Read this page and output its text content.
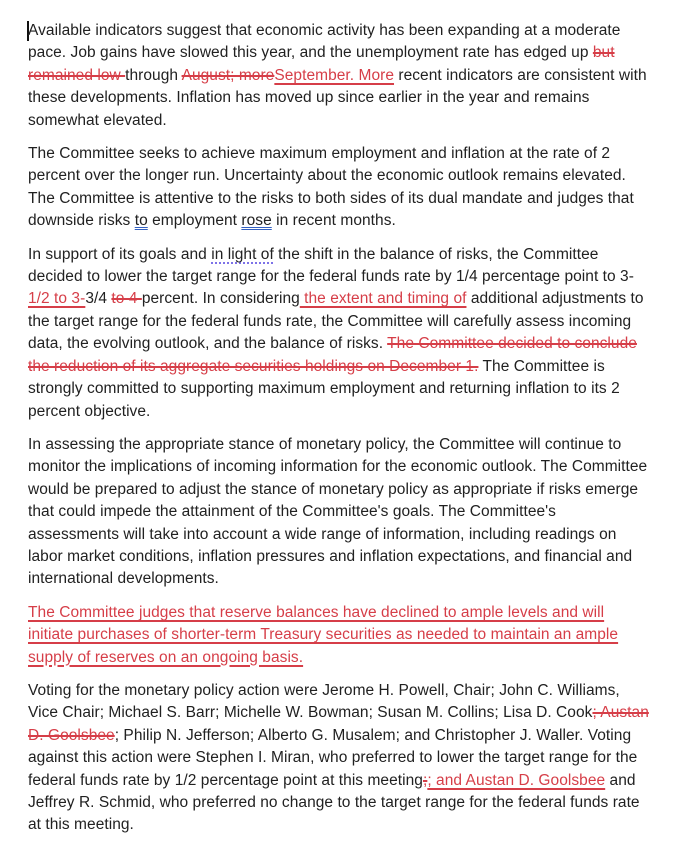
Available indicators suggest that economic activity has been expanding at a moderate pace. Job gains have slowed this year, and the unemployment rate has edged up but remained low through August; moreSeptember. More recent indicators are consistent with these developments. Inflation has moved up since earlier in the year and remains somewhat elevated.

The Committee seeks to achieve maximum employment and inflation at the rate of 2 percent over the longer run. Uncertainty about the economic outlook remains elevated. The Committee is attentive to the risks to both sides of its dual mandate and judges that downside risks to employment rose in recent months.

In support of its goals and in light of the shift in the balance of risks, the Committee decided to lower the target range for the federal funds rate by 1/4 percentage point to 3-1/2 to 3-3/4 to 4 percent. In considering the extent and timing of additional adjustments to the target range for the federal funds rate, the Committee will carefully assess incoming data, the evolving outlook, and the balance of risks. The Committee decided to conclude the reduction of its aggregate securities holdings on December 1. The Committee is strongly committed to supporting maximum employment and returning inflation to its 2 percent objective.

In assessing the appropriate stance of monetary policy, the Committee will continue to monitor the implications of incoming information for the economic outlook. The Committee would be prepared to adjust the stance of monetary policy as appropriate if risks emerge that could impede the attainment of the Committee's goals. The Committee's assessments will take into account a wide range of information, including readings on labor market conditions, inflation pressures and inflation expectations, and financial and international developments.

The Committee judges that reserve balances have declined to ample levels and will initiate purchases of shorter-term Treasury securities as needed to maintain an ample supply of reserves on an ongoing basis.

Voting for the monetary policy action were Jerome H. Powell, Chair; John C. Williams, Vice Chair; Michael S. Barr; Michelle W. Bowman; Susan M. Collins; Lisa D. Cook; Austan D. Goolsbee; Philip N. Jefferson; Alberto G. Musalem; and Christopher J. Waller. Voting against this action were Stephen I. Miran, who preferred to lower the target range for the federal funds rate by 1/2 percentage point at this meeting;; and Austan D. Goolsbee and Jeffrey R. Schmid, who preferred no change to the target range for the federal funds rate at this meeting.
